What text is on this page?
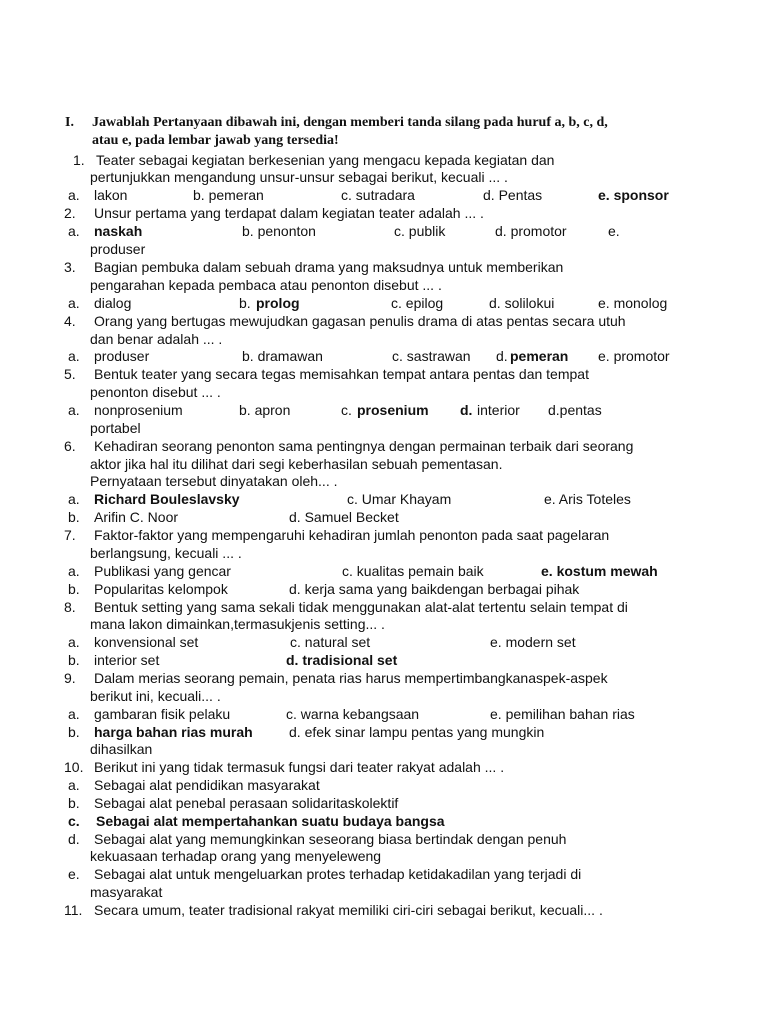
I. Jawablah Pertanyaan dibawah ini, dengan memberi tanda silang pada huruf a, b, c, d,
atau e, pada lembar jawab yang tersedia!
1. Teater sebagai kegiatan berkesenian yang mengacu kepada kegiatan dan
pertunjukkan mengandung unsur-unsur sebagai berikut, kecuali ... .
a. lakon	b. pemeran	c. sutradara	d. Pentas	e. sponsor
2. Unsur pertama yang terdapat dalam kegiatan teater adalah ... .
a. naskah	b. penonton	c. publik	d. promotor	e.
produser
3. Bagian pembuka dalam sebuah drama yang maksudnya untuk memberikan
pengarahan kepada pembaca atau penonton disebut ... .
a. dialog	b. prolog	c. epilog	d. solilokui	e. monolog
4. Orang yang bertugas mewujudkan gagasan penulis drama di atas pentas secara utuh
dan benar adalah ... .
a. produser	b. dramawan	c. sastrawan d. pemeran e. promotor
5. Bentuk teater yang secara tegas memisahkan tempat antara pentas dan tempat
penonton disebut ... .
a. nonprosenium	b. apron	c. prosenium d. interior d.pentas
portabel
6. Kehadiran seorang penonton sama pentingnya dengan permainan terbaik dari seorang
aktor jika hal itu dilihat dari segi keberhasilan sebuah pementasan.
Pernyataan tersebut dinyatakan oleh... .
a. Richard Bouleslavsky	c. Umar Khayam	e. Aris Toteles
b. Arifin C. Noor	d. Samuel Becket
7. Faktor-faktor yang mempengaruhi kehadiran jumlah penonton pada saat pagelaran
berlangsung, kecuali ... .
a. Publikasi yang gencar	c. kualitas pemain baik	e. kostum mewah
b. Popularitas kelompok	d. kerja sama yang baikdengan berbagai pihak
8. Bentuk setting yang sama sekali tidak menggunakan alat-alat tertentu selain tempat di
mana lakon dimainkan,termasukjenis setting... .
a. konvensional set	c. natural set	e. modern set
b. interior set	d. tradisional set
9. Dalam merias seorang pemain, penata rias harus mempertimbangkanaspek-aspek
berikut ini, kecuali... .
a. gambaran fisik pelaku	c. warna kebangsaan	e. pemilihan bahan rias
b. harga bahan rias murah	d. efek sinar lampu pentas yang mungkin
dihasilkan
10. Berikut ini yang tidak termasuk fungsi dari teater rakyat adalah ... .
a. Sebagai alat pendidikan masyarakat
b. Sebagai alat penebal perasaan solidaritaskolektif
c. Sebagai alat mempertahankan suatu budaya bangsa
d. Sebagai alat yang memungkinkan seseorang biasa bertindak dengan penuh
kekuasaan terhadap orang yang menyeleweng
e. Sebagai alat untuk mengeluarkan protes terhadap ketidakadilan yang terjadi di
masyarakat
11. Secara umum, teater tradisional rakyat memiliki ciri-ciri sebagai berikut, kecuali... .
